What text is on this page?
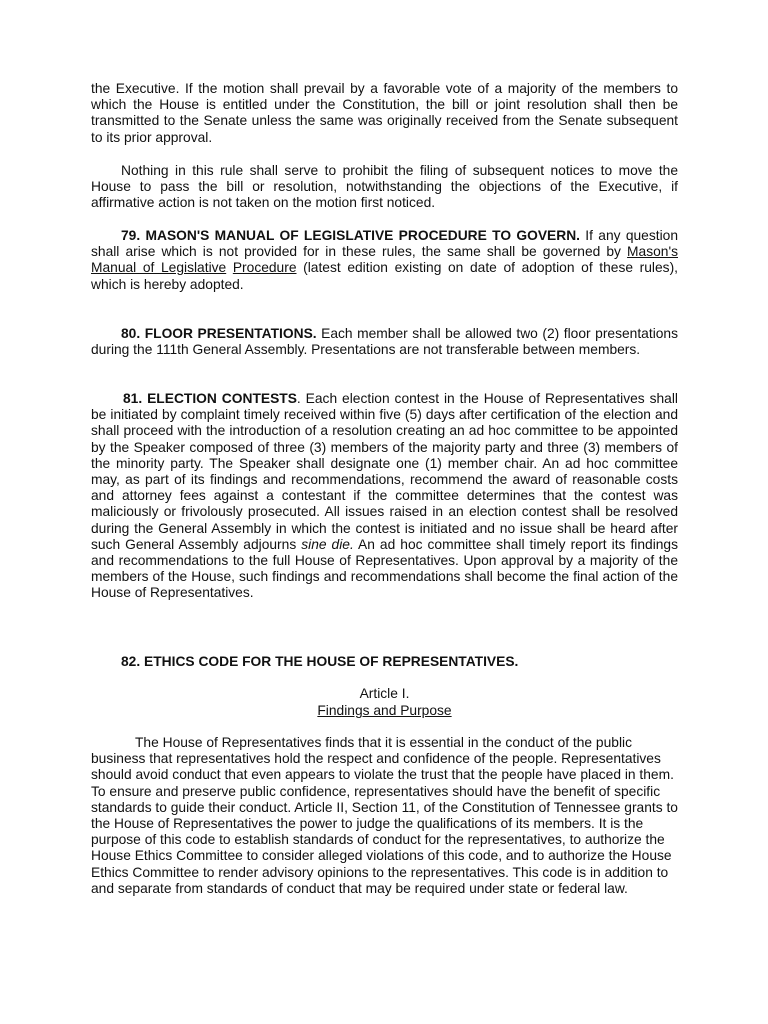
the Executive. If the motion shall prevail by a favorable vote of a majority of the members to which the House is entitled under the Constitution, the bill or joint resolution shall then be transmitted to the Senate unless the same was originally received from the Senate subsequent to its prior approval.

Nothing in this rule shall serve to prohibit the filing of subsequent notices to move the House to pass the bill or resolution, notwithstanding the objections of the Executive, if affirmative action is not taken on the motion first noticed.

79. MASON'S MANUAL OF LEGISLATIVE PROCEDURE TO GOVERN. If any question shall arise which is not provided for in these rules, the same shall be governed by Mason's Manual of Legislative Procedure (latest edition existing on date of adoption of these rules), which is hereby adopted.

80. FLOOR PRESENTATIONS. Each member shall be allowed two (2) floor presentations during the 111th General Assembly. Presentations are not transferable between members.

81. ELECTION CONTESTS. Each election contest in the House of Representatives shall be initiated by complaint timely received within five (5) days after certification of the election and shall proceed with the introduction of a resolution creating an ad hoc committee to be appointed by the Speaker composed of three (3) members of the majority party and three (3) members of the minority party. The Speaker shall designate one (1) member chair. An ad hoc committee may, as part of its findings and recommendations, recommend the award of reasonable costs and attorney fees against a contestant if the committee determines that the contest was maliciously or frivolously prosecuted. All issues raised in an election contest shall be resolved during the General Assembly in which the contest is initiated and no issue shall be heard after such General Assembly adjourns sine die. An ad hoc committee shall timely report its findings and recommendations to the full House of Representatives. Upon approval by a majority of the members of the House, such findings and recommendations shall become the final action of the House of Representatives.

82. ETHICS CODE FOR THE HOUSE OF REPRESENTATIVES.

Article I.

Findings and Purpose

The House of Representatives finds that it is essential in the conduct of the public business that representatives hold the respect and confidence of the people. Representatives should avoid conduct that even appears to violate the trust that the people have placed in them. To ensure and preserve public confidence, representatives should have the benefit of specific standards to guide their conduct. Article II, Section 11, of the Constitution of Tennessee grants to the House of Representatives the power to judge the qualifications of its members. It is the purpose of this code to establish standards of conduct for the representatives, to authorize the House Ethics Committee to consider alleged violations of this code, and to authorize the House Ethics Committee to render advisory opinions to the representatives. This code is in addition to and separate from standards of conduct that may be required under state or federal law.
